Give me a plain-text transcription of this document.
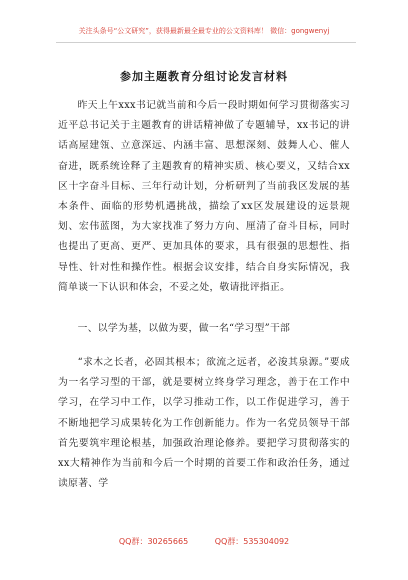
关注头条号“公文研究”，获得最新最全最专业的公文资料库！ 微信：gongwenyj
参加主题教育分组讨论发言材料

昨天上午xxx书记就当前和今后一段时期如何学习贯彻落实习近平总书记关于主题教育的讲话精神做了专题辅导，xx书记的讲话高屋建瓴、立意深远、内涵丰富、思想深刻、鼓舞人心、催人奋进，既系统诠释了主题教育的精神实质、核心要义，又结合xx区十字奋斗目标、三年行动计划，分析研判了当前我区发展的基本条件、面临的形势机遇挑战，描绘了xx区发展建设的远景规划、宏伟蓝图，为大家找准了努力方向、厘清了奋斗目标，同时也提出了更高、更严、更加具体的要求，具有很强的思想性、指导性、针对性和操作性。根据会议安排，结合自身实际情况，我简单谈一下认识和体会，不妥之处，敬请批评指正。

一、以学为基，以做为要，做一名“学习型”干部

“求木之长者，必固其根本；欲流之远者，必浚其泉源。”要成为一名学习型的干部，就是要树立终身学习理念，善于在工作中学习，在学习中工作，以学习推动工作，以工作促进学习，善于不断地把学习成果转化为工作创新能力。作为一名党员领导干部首先要筑牢理论根基，加强政治理论修养。要把学习贯彻落实的xx大精神作为当前和今后一个时期的首要工作和政治任务，通过读原著、学

QQ群：30265665	QQ群：535304092
